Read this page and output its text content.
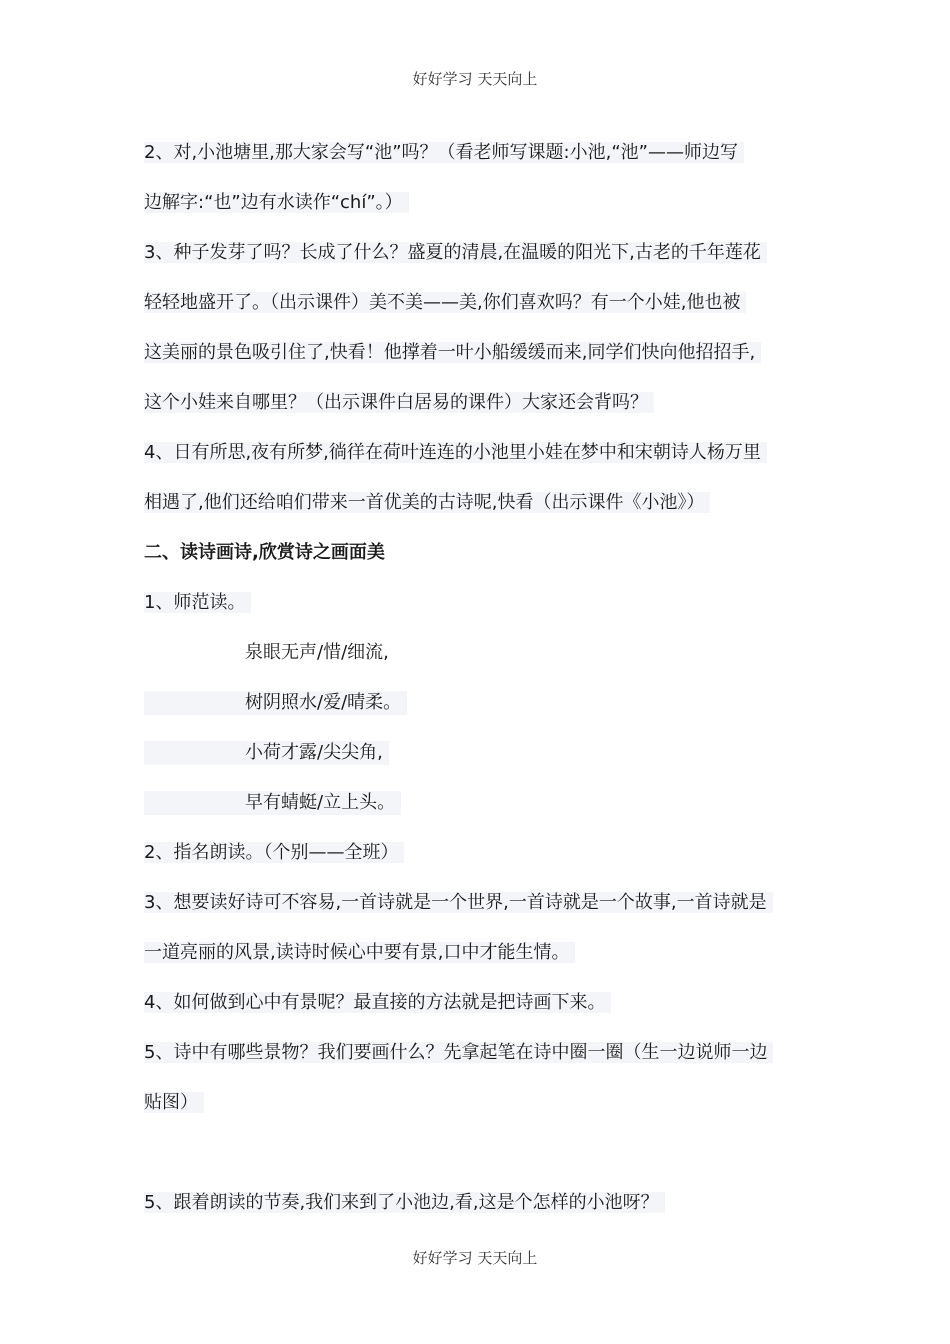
好好学习 天天向上
2、对,小池塘里,那大家会写“池”吗？（看老师写课题:小池,“池”——师边写
边解字:“也”边有水读作“chí”。）
3、种子发芽了吗？长成了什么？盛夏的清晨,在温暖的阳光下,古老的千年莲花
轻轻地盛开了。（出示课件）美不美——美,你们喜欢吗？有一个小娃,他也被
这美丽的景色吸引住了,快看！他撑着一叶小船缓缓而来,同学们快向他招招手,
这个小娃来自哪里？（出示课件白居易的课件）大家还会背吗？
4、日有所思,夜有所梦,徜徉在荷叶连连的小池里小娃在梦中和宋朝诗人杨万里
相遇了,他们还给咱们带来一首优美的古诗呢,快看（出示课件《小池》）
二、读诗画诗,欣赏诗之画面美
1、师范读。
泉眼无声/惜/细流,
树阴照水/爱/晴柔。
小荷才露/尖尖角,
早有蜻蜓/立上头。
2、指名朗读。（个别——全班）
3、想要读好诗可不容易,一首诗就是一个世界,一首诗就是一个故事,一首诗就是
一道亮丽的风景,读诗时候心中要有景,口中才能生情。
4、如何做到心中有景呢？最直接的方法就是把诗画下来。
5、诗中有哪些景物？我们要画什么？先拿起笔在诗中圈一圈（生一边说师一边
贴图）
5、跟着朗读的节奏,我们来到了小池边,看,这是个怎样的小池呀？
好好学习 天天向上
